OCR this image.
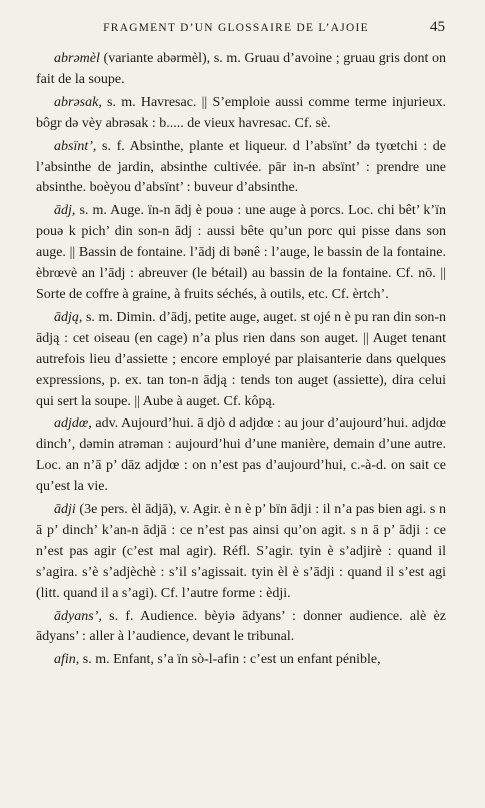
FRAGMENT D’UN GLOSSAIRE DE L’AJOIE	45

abrəmèl (variante abərmèl), s. m. Gruau d’avoine ; gruau gris dont on fait de la soupe.

abrəsak, s. m. Havresac. || S’emploie aussi comme terme injurieux. bôgr də vèy abrəsak : b..... de vieux havresac. Cf. sè.

absïnt’, s. f. Absinthe, plante et liqueur. d l’absïnt’ də tyœtchi : de l’absinthe de jardin, absinthe cultivée. pār in-n absïnt’ : prendre une absinthe. boèyou d’absïnt’ : buveur d’absinthe.

ādj, s. m. Auge. ïn-n ādj è pouə : une auge à porcs. Loc. chi bêt’ k’ïn pouə k pich’ din son-n ādj : aussi bête qu’un porc qui pisse dans son auge. || Bassin de fontaine. l’ādj di bənê : l’auge, le bassin de la fontaine. èbrœvè an l’ādj : abreuver (le bétail) au bassin de la fontaine. Cf. nō. || Sorte de coffre à graine, à fruits séchés, à outils, etc. Cf. èrtch’.

ādją, s. m. Dimin. d’ādj, petite auge, auget. st ojé n è pu ran din son-n ādją : cet oiseau (en cage) n’a plus rien dans son auget. || Auget tenant autrefois lieu d’assiette ; encore employé par plaisanterie dans quelques expressions, p. ex. tan ton-n ādją : tends ton auget (assiette), dira celui qui sert la soupe. || Aube à auget. Cf. kôpą.

adjdœ, adv. Aujourd’hui. ā djò d adjdœ : au jour d’aujourd’hui. adjdœ dinch’, dəmin atrəman : aujourd’hui d’une manière, demain d’une autre. Loc. an n’ā p’ dāz adjdœ : on n’est pas d’aujourd’hui, c.-à-d. on sait ce qu’est la vie.

ādji (3e pers. èl ādjā), v. Agir. è n è p’ bïn ādji : il n’a pas bien agi. s n ā p’ dinch’ k’an-n ādjā : ce n’est pas ainsi qu’on agit. s n ā p’ ādji : ce n’est pas agir (c’est mal agir). Réfl. S’agir. tyin è s’adjirè : quand il s’agira. s’è s’adjèchè : s’il s’agissait. tyin èl è s’ādji : quand il s’est agi (litt. quand il a s’agi). Cf. l’autre forme : èdji.

ādyans’, s. f. Audience. bèyiə ādyans’ : donner audience. alè èz ādyans’ : aller à l’audience, devant le tribunal.

afin, s. m. Enfant, s’a ïn sò-l-afin : c’est un enfant pénible,
